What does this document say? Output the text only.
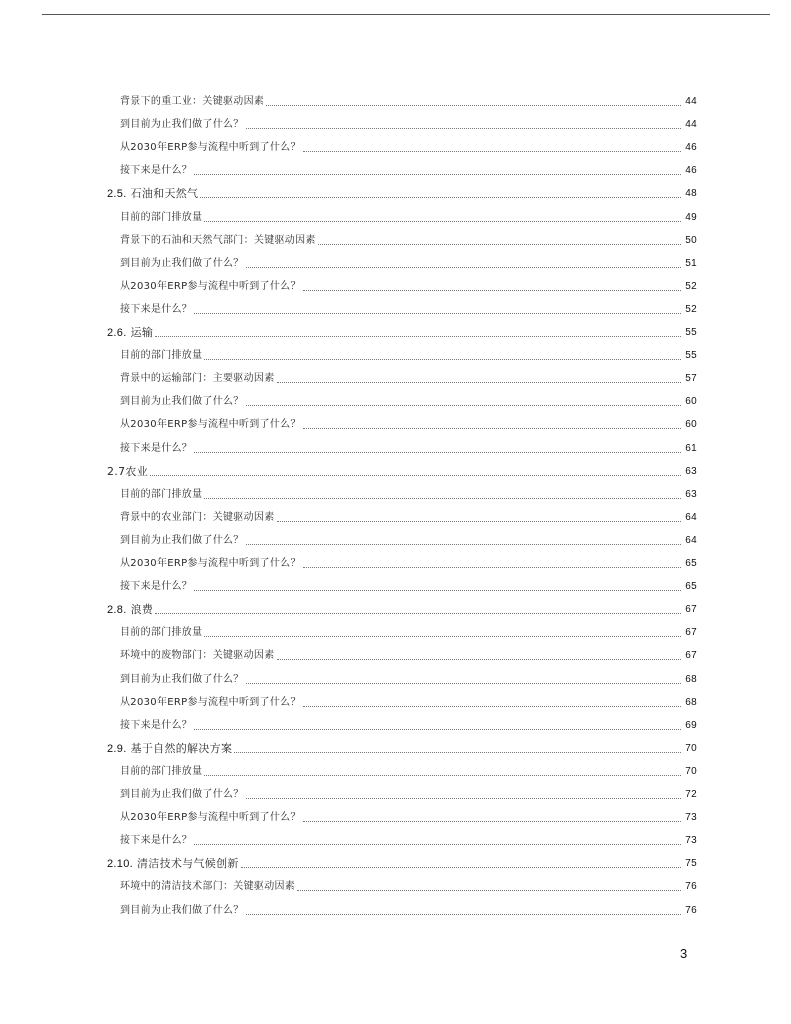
背景下的重工业：关键驱动因素	44
到目前为止我们做了什么？	44
从2030年ERP参与流程中听到了什么？	46
接下来是什么？	46
2.5. 石油和天然气	48
目前的部门排放量	49
背景下的石油和天然气部门：关键驱动因素	50
到目前为止我们做了什么？	51
从2030年ERP参与流程中听到了什么？	52
接下来是什么？	52
2.6. 运输	55
目前的部门排放量	55
背景中的运输部门：主要驱动因素	57
到目前为止我们做了什么？	60
从2030年ERP参与流程中听到了什么？	60
接下来是什么？	61
2.7农业	63
目前的部门排放量	63
背景中的农业部门：关键驱动因素	64
到目前为止我们做了什么？	64
从2030年ERP参与流程中听到了什么？	65
接下来是什么？	65
2.8. 浪费	67
目前的部门排放量	67
环境中的废物部门：关键驱动因素	67
到目前为止我们做了什么？	68
从2030年ERP参与流程中听到了什么？	68
接下来是什么？	69
2.9. 基于自然的解决方案	70
目前的部门排放量	70
到目前为止我们做了什么？	72
从2030年ERP参与流程中听到了什么？	73
接下来是什么？	73
2.10. 清洁技术与气候创新	75
环境中的清洁技术部门：关键驱动因素	76
到目前为止我们做了什么？	76
3
